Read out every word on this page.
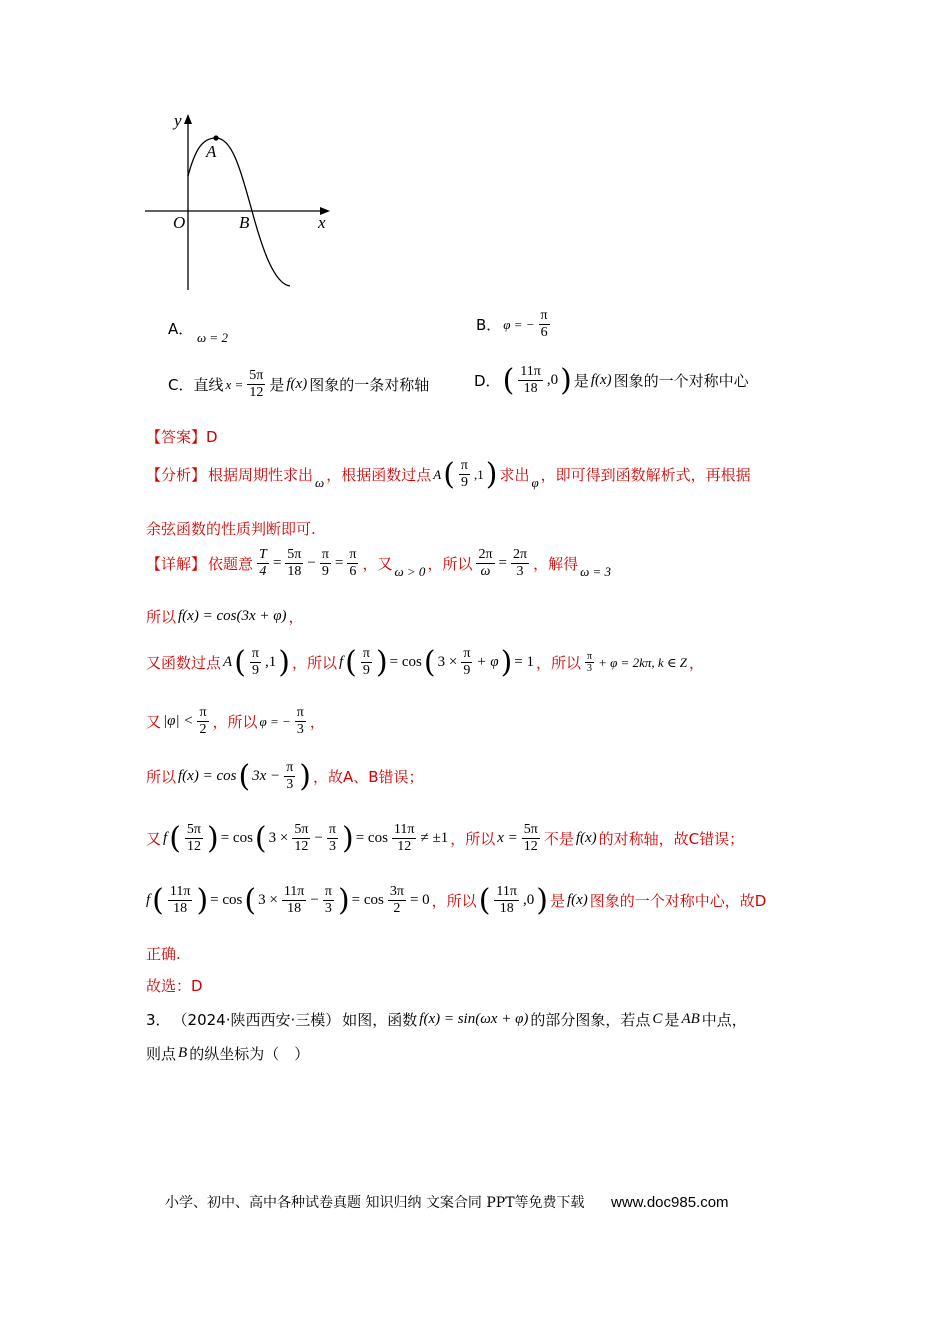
y
x
O
A
B
A． ω = 2
B． φ = − $\frac{\pi}{6}$
C．直线 $x = \frac{5\pi}{12}$ 是 f(x) 图象的一条对称轴	D． ( $\frac{11\pi}{18} ,0$ ) 是 f(x) 图象的一个对称中心
【答案】D
【分析】 根据周期性求出 ω ，根据函数过点 A ( $\frac{\pi}{9} ,1$ ) 求出 φ ，即可得到函数解析式，再根据
余弦函数的性质判断即可.
【详解】 依题意 $\frac{T}{4} = \frac{5\pi}{18} - \frac{\pi}{9} = \frac{\pi}{6}$ ，又 ω > 0 ，所以 $\frac{2\pi}{\omega} = \frac{2\pi}{3}$ ，解得 ω = 3
所以 f(x) = cos(3x + φ) ，
又函数过点 A ( $\frac{\pi}{9} ,1$ ) ，所以 f ( $\frac{\pi}{9}$ ) = cos ( $3 \times \frac{\pi}{9} + \varphi$ ) = 1 ，所以 $\frac{\pi}{3} + \varphi = 2k\pi$, k ∈ Z ，
又 $|\varphi| < \frac{\pi}{2}$ ，所以 φ = − $\frac{\pi}{3}$ ，
所以 f(x) = cos ( $3x - \frac{\pi}{3}$ ) ，故A、B错误；
又 f ( $\frac{5\pi}{12}$ ) = cos ( $3 \times \frac{5\pi}{12} - \frac{\pi}{3}$ ) = $\cos \frac{11\pi}{12} \ne \pm 1$ ，所以 $x = \frac{5\pi}{12}$ 不是 f(x) 的对称轴，故C错误；
f ( $\frac{11\pi}{18}$ ) = cos ( $3 \times \frac{11\pi}{18} - \frac{\pi}{3}$ ) = $\cos \frac{3\pi}{2} = 0$ ，所以 ( $\frac{11\pi}{18} ,0$ ) 是 f(x) 图象的一个对称中心，故D
正确.
故选：D
3． （2024·陕西西安·三模） 如图，函数 f(x) = sin(ωx + φ) 的部分图象，若点 C 是 AB 中点，
则点 B 的纵坐标为（　）
小学、初中、高中各种试卷真题 知识归纳 文案合同 PPT等免费下载 www.doc985.com
